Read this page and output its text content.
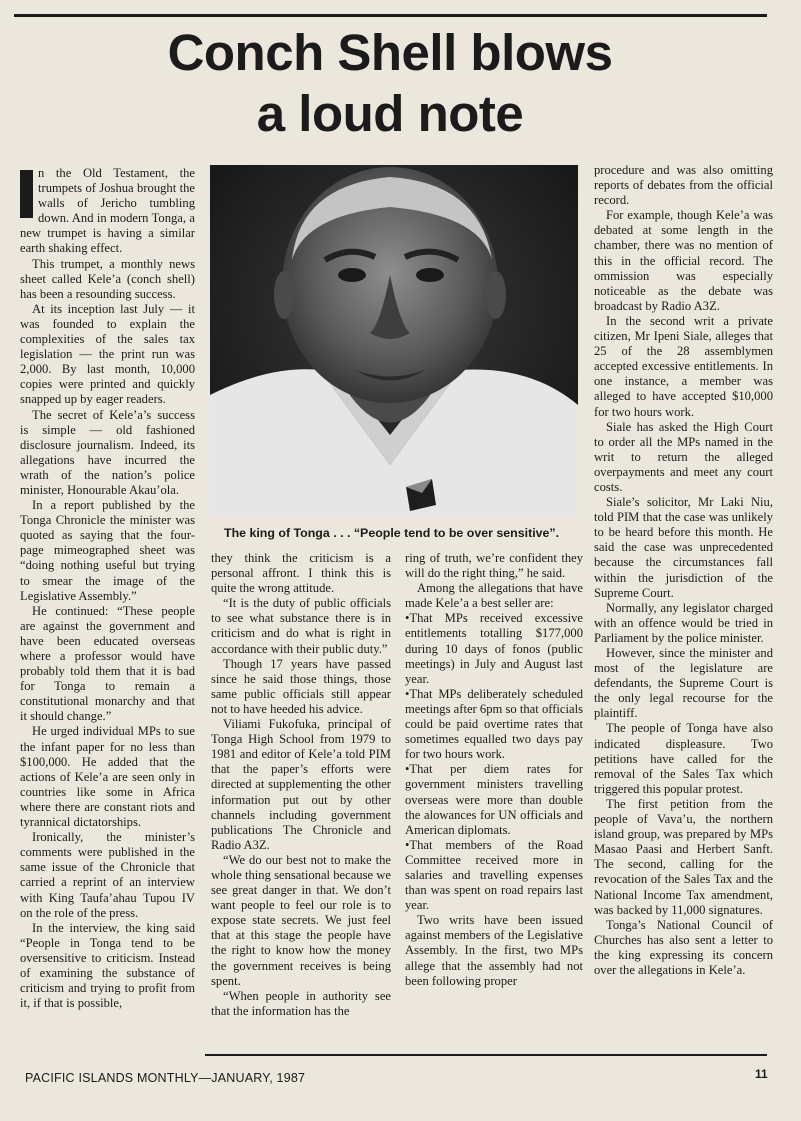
Conch Shell blows
a loud note

n the Old Testament, the trumpets of Joshua brought the walls of Jericho tumbling down. And in modern Tonga, a new trumpet is having a similar earth shaking effect.

This trumpet, a monthly news sheet called Kele’a (conch shell) has been a resounding success.

At its inception last July — it was founded to explain the complexities of the sales tax legislation — the print run was 2,000. By last month, 10,000 copies were printed and quickly snapped up by eager readers.

The secret of Kele’a’s success is simple — old fashioned disclosure journalism. Indeed, its allegations have incurred the wrath of the nation’s police minister, Honourable Akau’ola.

In a report published by the Tonga Chronicle the minister was quoted as saying that the four-page mimeographed sheet was “doing nothing useful but trying to smear the image of the Legislative Assembly.”

He continued: “These people are against the government and have been educated overseas where a professor would have probably told them that it is bad for Tonga to remain a constitutional monarchy and that it should change.”

He urged individual MPs to sue the infant paper for no less than $100,000. He added that the actions of Kele’a are seen only in countries like some in Africa where there are constant riots and tyrannical dictatorships.

Ironically, the minister’s comments were published in the same issue of the Chronicle that carried a reprint of an interview with King Taufa’ahau Tupou IV on the role of the press.

In the interview, the king said “People in Tonga tend to be oversensitive to criticism. Instead of examining the substance of criticism and trying to profit from it, if that is possible,

The king of Tonga . . . “People tend to be over sensitive”.

they think the criticism is a personal affront. I think this is quite the wrong attitude.

“It is the duty of public officials to see what substance there is in criticism and do what is right in accordance with their public duty.”

Though 17 years have passed since he said those things, those same public officials still appear not to have heeded his advice.

Viliami Fukofuka, principal of Tonga High School from 1979 to 1981 and editor of Kele’a told PIM that the paper’s efforts were directed at supplementing the other information put out by other channels including government publications The Chronicle and Radio A3Z.

“We do our best not to make the whole thing sensational because we see great danger in that. We don’t want people to feel our role is to expose state secrets. We just feel that at this stage the people have the right to know how the money the government receives is being spent.

“When people in authority see that the information has the

ring of truth, we’re confident they will do the right thing,” he said.

Among the allegations that have made Kele’a a best seller are:

•That MPs received excessive entitlements totalling $177,000 during 10 days of fonos (public meetings) in July and August last year.

•That MPs deliberately scheduled meetings after 6pm so that officials could be paid overtime rates that sometimes equalled two days pay for two hours work.

•That per diem rates for government ministers travelling overseas were more than double the alowances for UN officials and American diplomats.

•That members of the Road Committee received more in salaries and travelling expenses than was spent on road repairs last year.

Two writs have been issued against members of the Legislative Assembly. In the first, two MPs allege that the assembly had not been following proper

procedure and was also omitting reports of debates from the official record.

For example, though Kele’a was debated at some length in the chamber, there was no mention of this in the official record. The ommission was especially noticeable as the debate was broadcast by Radio A3Z.

In the second writ a private citizen, Mr Ipeni Siale, alleges that 25 of the 28 assemblymen accepted excessive entitlements. In one instance, a member was alleged to have accepted $10,000 for two hours work.

Siale has asked the High Court to order all the MPs named in the writ to return the alleged overpayments and meet any court costs.

Siale’s solicitor, Mr Laki Niu, told PIM that the case was unlikely to be heard before this month. He said the case was unprecedented because the circumstances fall within the jurisdiction of the Supreme Court.

Normally, any legislator charged with an offence would be tried in Parliament by the police minister.

However, since the minister and most of the legislature are defendants, the Supreme Court is the only legal recourse for the plaintiff.

The people of Tonga have also indicated displeasure. Two petitions have called for the removal of the Sales Tax which triggered this popular protest.

The first petition from the people of Vava’u, the northern island group, was prepared by MPs Masao Paasi and Herbert Sanft. The second, calling for the revocation of the Sales Tax and the National Income Tax amendment, was backed by 11,000 signatures.

Tonga’s National Council of Churches has also sent a letter to the king expressing its concern over the allegations in Kele’a.

PACIFIC ISLANDS MONTHLY—JANUARY, 1987	11
